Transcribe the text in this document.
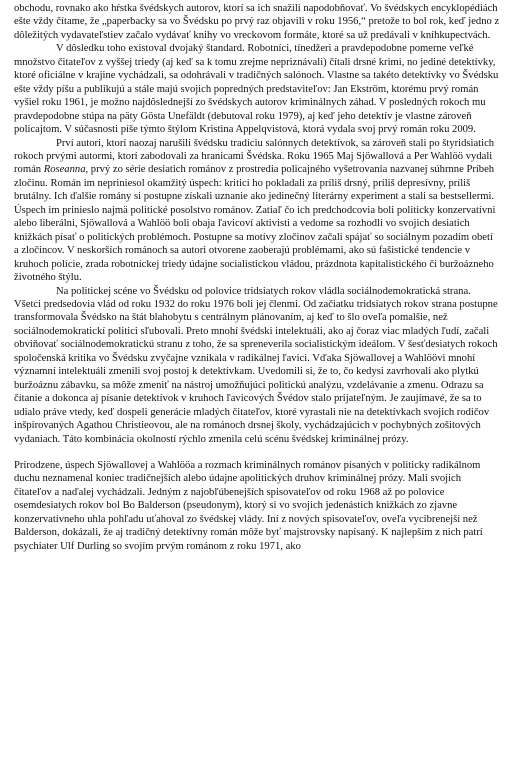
obchodu, rovnako ako hŕstka švédskych autorov, ktorí sa ich snažili napodobňovať. Vo švédskych encyklopédiách ešte vždy čítame, že „paperbacky sa vo Švédsku po prvý raz objavili v roku 1956,“ pretože to bol rok, keď jedno z dôležitých vydavateľstiev začalo vydávať knihy vo vreckovom formáte, ktoré sa už predávali v kníhkupectvách.

V dôsledku toho existoval dvojaký štandard. Robotníci, tínedžeri a pravdepodobne pomerne veľké množstvo čitateľov z vyššej triedy (aj keď sa k tomu zrejme nepriznávali) čítali drsné krimi, no jediné detektívky, ktoré oficiálne v krajine vychádzali, sa odohrávali v tradičných salónoch. Vlastne sa takéto detektívky vo Švédsku ešte vždy píšu a publikujú a stále majú svojich popredných predstaviteľov: Jan Ekström, ktorému prvý román vyšiel roku 1961, je možno najdôslednejší zo švédskych autorov kriminálnych záhad. V posledných rokoch mu pravdepodobne stúpa na päty Gösta Unefäldt (debutoval roku 1979), aj keď jeho detektív je vlastne zároveň policajtom. V súčasnosti píše týmto štýlom Kristina Appelqvistová, ktorá vydala svoj prvý román roku 2009.

Prví autori, ktorí naozaj narušili švédsku tradíciu salónnych detektívok, sa zároveň stali po štyridsiatich rokoch prvými autormi, ktorí zabodovali za hranicami Švédska. Roku 1965 Maj Sjöwallová a Per Wahlöö vydali román Roseanna, prvý zo série desiatich románov z prostredia policajného vyšetrovania nazvanej súhrnne Príbeh zločinu. Román im nepriniesol okamžitý úspech: kritici ho pokladali za príliš drsný, príliš depresívny, príliš brutálny. Ich ďalšie romány si postupne získali uznanie ako jedinečný literárny experiment a stali sa bestsellermi. Úspech im prinieslo najmä politické posolstvo románov. Zatiaľ čo ich predchodcovia boli politicky konzervatívni alebo liberálni, Sjöwallová a Wahlöö boli obaja ľavicoví aktivisti a vedome sa rozhodli vo svojich desiatich knižkách písať o politických problémoch. Postupne sa motívy zločinov začali spájať so sociálnym pozadím obetí a zločincov. V neskorších románoch sa autori otvorene zaoberajú problémami, ako sú fašistické tendencie v kruhoch polície, zrada robotníckej triedy údajne socialistickou vládou, prázdnota kapitalistického či buržoázneho životného štýlu.

Na politickej scéne vo Švédsku od polovice tridsiatych rokov vládla sociálnodemokratická strana. Všetci predsedovia vlád od roku 1932 do roku 1976 boli jej členmi. Od začiatku tridsiatych rokov strana postupne transformovala Švédsko na štát blahobytu s centrálnym plánovaním, aj keď to šlo oveľa pomalšie, než sociálnodemokratickí politici sľubovali. Preto mnohí švédski intelektuáli, ako aj čoraz viac mladých ľudí, začali obviňovať sociálnodemokratickú stranu z toho, že sa spreneverila socialistickým ideálom. V šesťdesiatych rokoch spoločenská kritika vo Švédsku zvyčajne vznikala v radikálnej ľavici. Vďaka Sjöwallovej a Wahlöövi mnohí významní intelektuáli zmenili svoj postoj k detektívkam. Uvedomili si, že to, čo kedysi zavrhovali ako plytkú buržoáznu zábavku, sa môže zmeniť na nástroj umožňujúci politickú analýzu, vzdelávanie a zmenu. Odrazu sa čítanie a dokonca aj písanie detektívok v kruhoch ľavicových Švédov stalo prijateľným. Je zaujímavé, že sa to udialo práve vtedy, keď dospeli generácie mladých čitateľov, ktoré vyrastali nie na detektívkach svojich rodičov inšpirovaných Agathou Christieovou, ale na románoch drsnej školy, vychádzajúcich v pochybných zošitových vydaniach. Táto kombinácia okolností rýchlo zmenila celú scénu švédskej kriminálnej prózy.

Prirodzene, úspech Sjöwallovej a Wahlööa a rozmach kriminálnych románov písaných v politicky radikálnom duchu neznamenal koniec tradičnejších alebo údajne apolitických druhov kriminálnej prózy. Mali svojich čitateľov a naďalej vychádzali. Jedným z najobľúbenejších spisovateľov od roku 1968 až po polovice osemdesiatych rokov bol Bo Balderson (pseudonym), ktorý si vo svojich jedenástich knižkách zo zjavne konzervatívneho uhla pohľadu uťahoval zo švédskej vlády. Iní z nových spisovateľov, oveľa vycibrenejší než Balderson, dokázali, že aj tradičný detektívny román môže byť majstrovsky napísaný. K najlepším z nich patrí psychiater Ulf Durling so svojím prvým románom z roku 1971, ako
